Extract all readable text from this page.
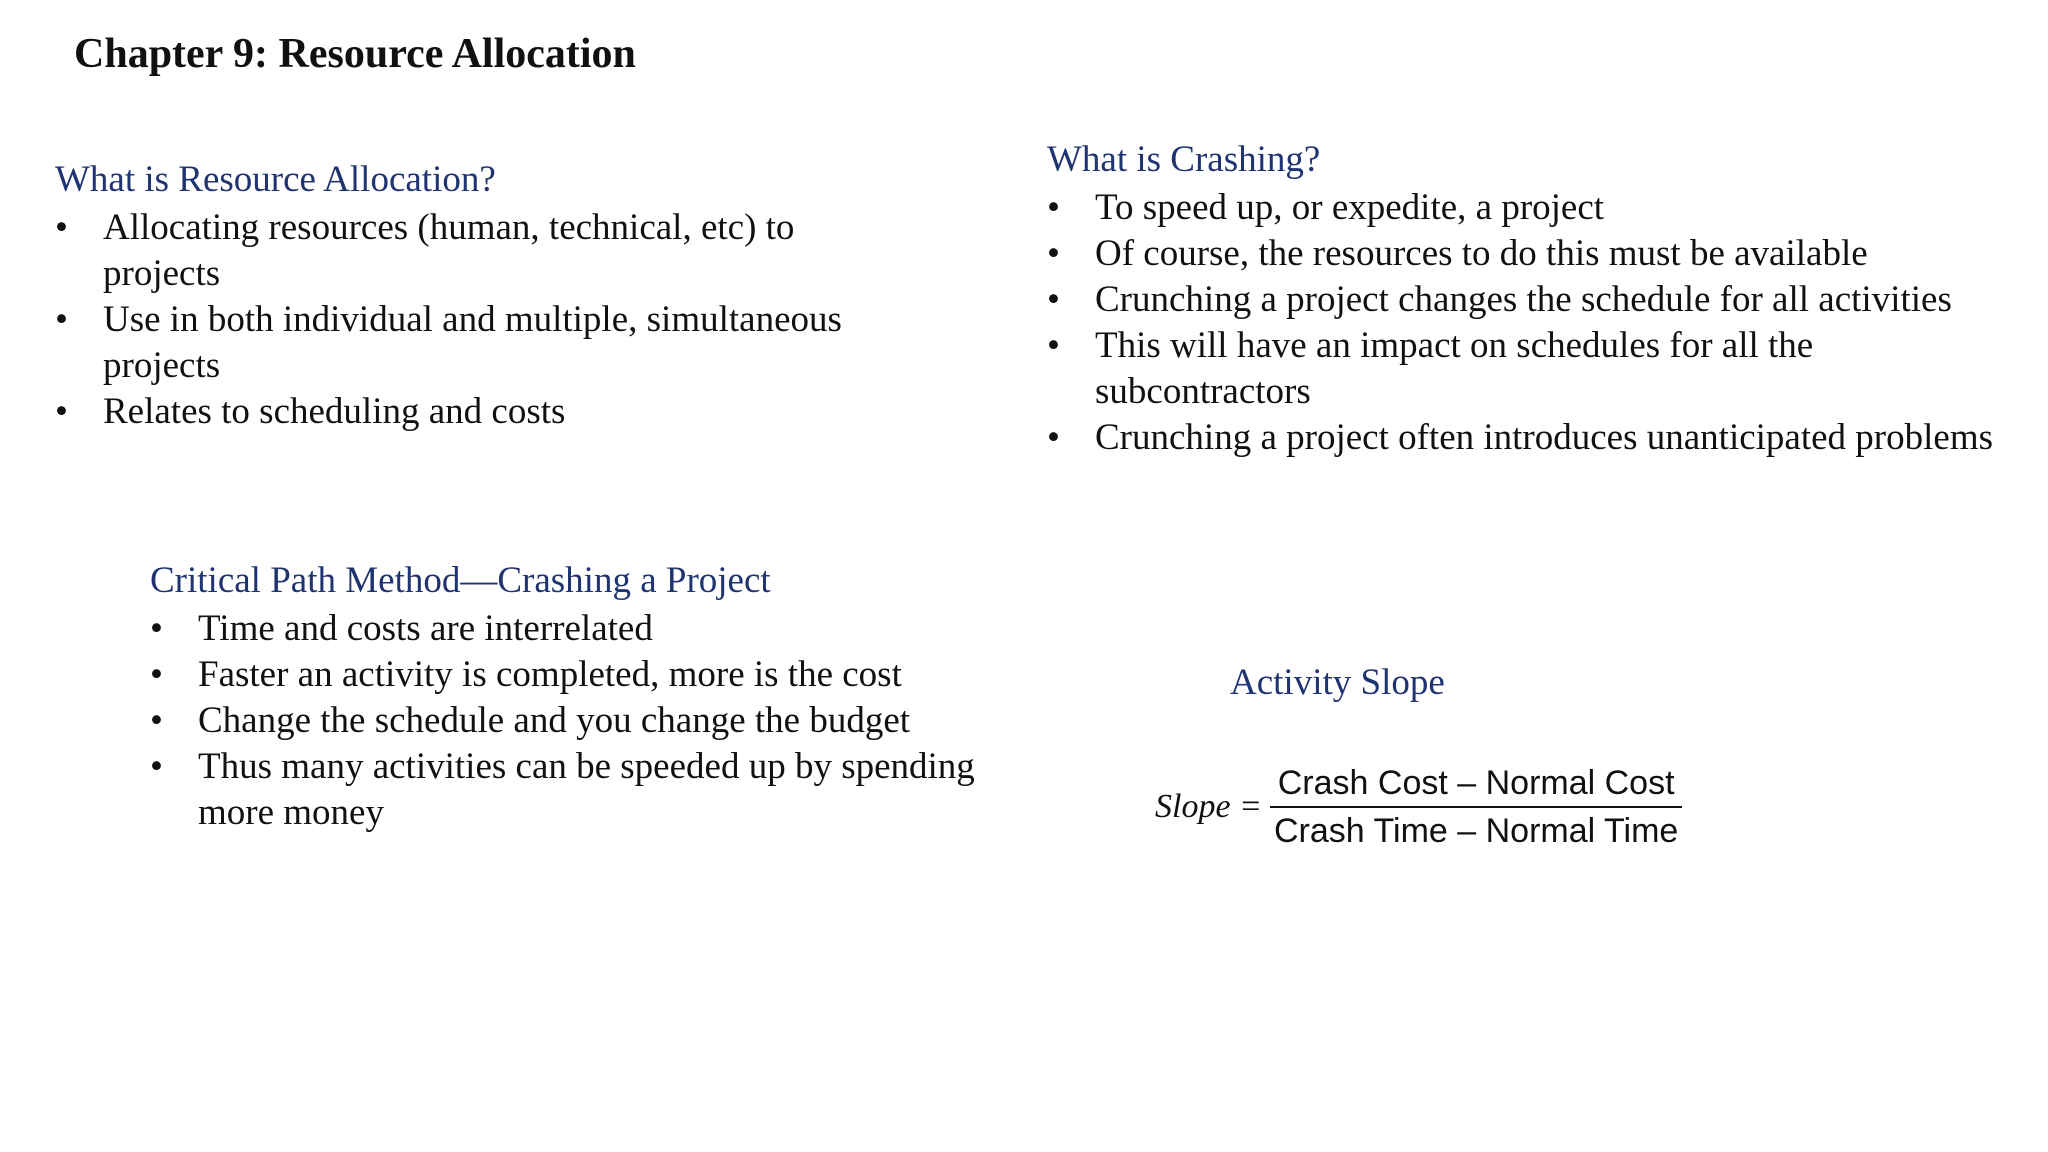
Chapter 9: Resource Allocation
What is Resource Allocation?
• Allocating resources (human, technical, etc) to projects
• Use in both individual and multiple, simultaneous projects
• Relates to scheduling and costs
What is Crashing?
• To speed up, or expedite, a project
• Of course, the resources to do this must be available
• Crunching a project changes the schedule for all activities
• This will have an impact on schedules for all the subcontractors
• Crunching a project often introduces unanticipated problems
Critical Path Method—Crashing a Project
• Time and costs are interrelated
• Faster an activity is completed, more is the cost
• Change the schedule and you change the budget
• Thus many activities can be speeded up by spending more money
Activity Slope
Slope = $\frac{\text{Crash Cost – Normal Cost}}{\text{Crash Time – Normal Time}}$
